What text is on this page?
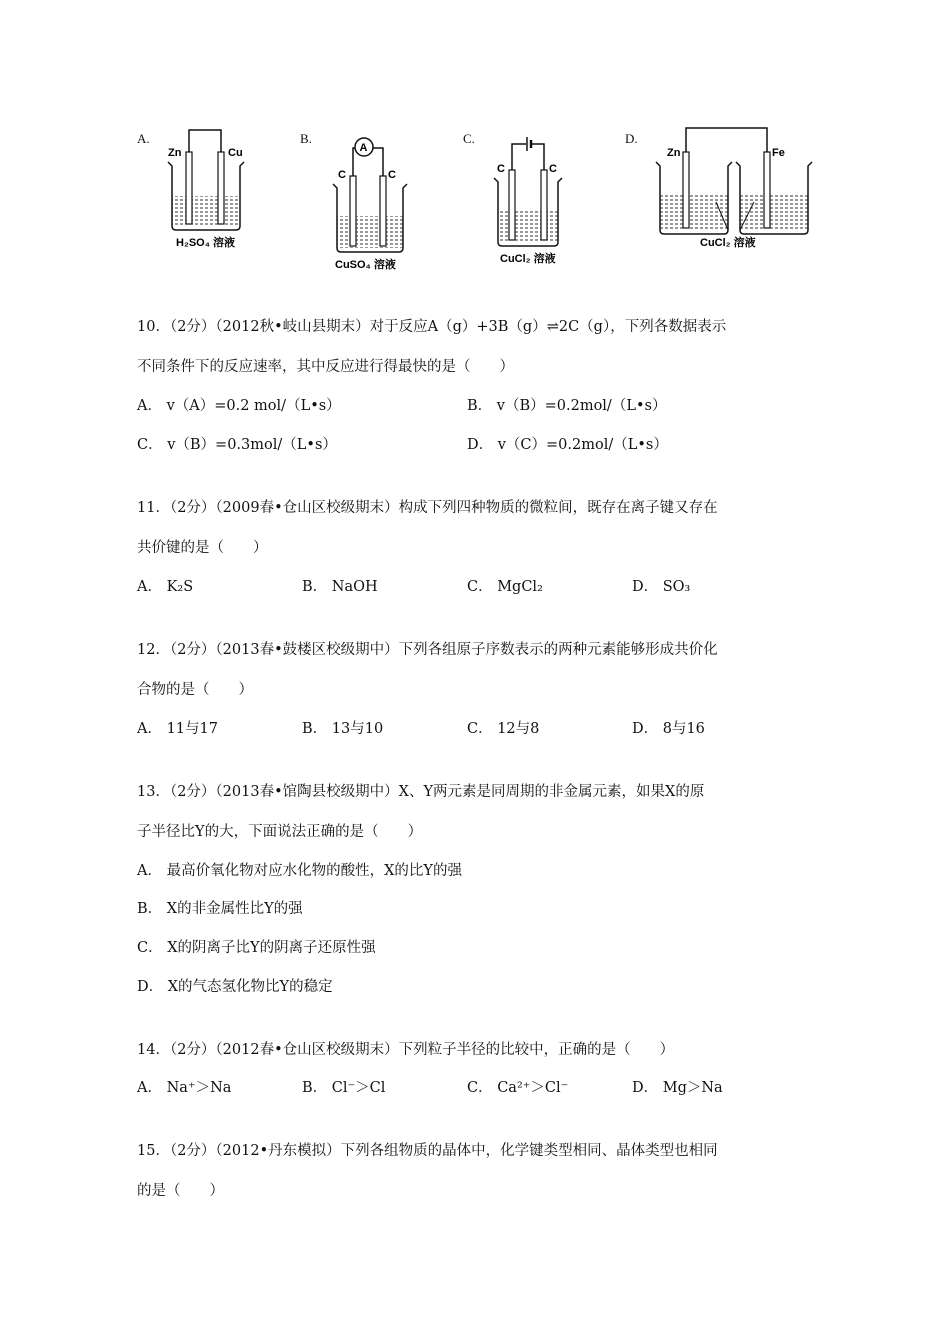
A.	B.	C.	D.
Zn	Cu
H₂SO₄ 溶液
A
C	C
CuSO₄ 溶液
C	C
CuCl₂ 溶液
Zn	Fe
CuCl₂ 溶液
10．（2分）（2012秋•岐山县期末）对于反应A（g）+3B（g）⇌2C（g），下列各数据表示
不同条件下的反应速率，其中反应进行得最快的是（　　）
A． v（A）=0.2 mol/（L•s）	B． v（B）=0.2mol/（L•s）
C． v（B）=0.3mol/（L•s）	D． v（C）=0.2mol/（L•s）
11．（2分）（2009春•仓山区校级期末）构成下列四种物质的微粒间，既存在离子键又存在
共价键的是（　　）
A． K₂S	B． NaOH	C． MgCl₂	D． SO₃
12．（2分）（2013春•鼓楼区校级期中）下列各组原子序数表示的两种元素能够形成共价化
合物的是（　　）
A． 11与17	B． 13与10	C． 12与8	D． 8与16
13．（2分）（2013春•馆陶县校级期中）X、Y两元素是同周期的非金属元素，如果X的原
子半径比Y的大，下面说法正确的是（　　）
A． 最高价氧化物对应水化物的酸性，X的比Y的强
B． X的非金属性比Y的强
C． X的阴离子比Y的阴离子还原性强
D． X的气态氢化物比Y的稳定
14．（2分）（2012春•仓山区校级期末）下列粒子半径的比较中，正确的是（　　）
A． Na⁺＞Na	B． Cl⁻＞Cl	C． Ca²⁺＞Cl⁻	D． Mg＞Na
15．（2分）（2012•丹东模拟）下列各组物质的晶体中，化学键类型相同、晶体类型也相同
的是（　　）
